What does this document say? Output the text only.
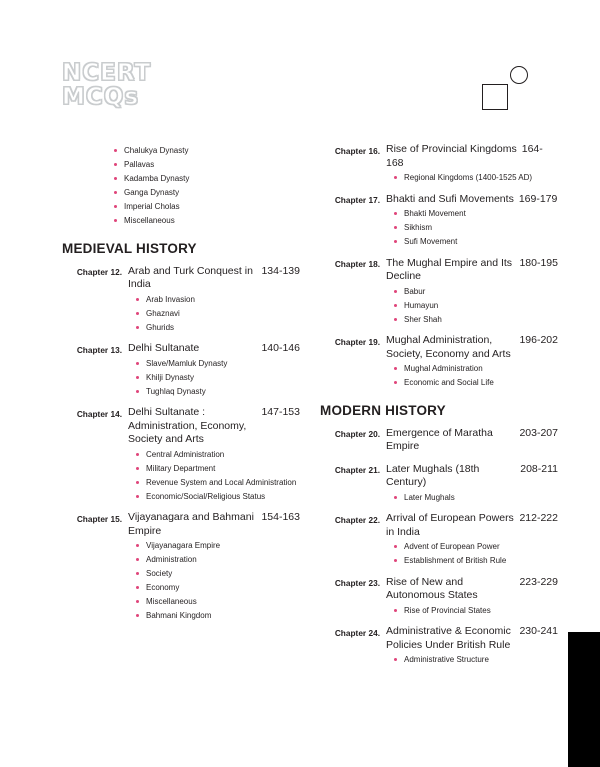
NCERT
MCQs
Chalukya Dynasty
Pallavas
Kadamba Dynasty
Ganga Dynasty
Imperial Cholas
Miscellaneous
MEDIEVAL HISTORY
Chapter 12. Arab and Turk Conquest in India
134-139
Arab Invasion
Ghaznavi
Ghurids
Chapter 13. Delhi Sultanate	140-146
Slave/Mamluk Dynasty
Khilji Dynasty
Tughlaq Dynasty
Chapter 14. Delhi Sultanate : Administration, Economy, Society and Arts
147-153
Central Administration
Military Department
Revenue System and Local Administration
Economic/Social/Religious Status
Chapter 15. Vijayanagara and Bahmani Empire
154-163
Vijayanagara Empire
Administration
Society
Economy
Miscellaneous
Bahmani Kingdom
Chapter 16. Rise of Provincial Kingdoms 164-168
Regional Kingdoms (1400-1525 AD)
Chapter 17. Bhakti and Sufi Movements 169-179
Bhakti Movement
Sikhism
Sufi Movement
Chapter 18. The Mughal Empire and Its Decline
180-195
Babur
Humayun
Sher Shah
Chapter 19. Mughal Administration, Society, Economy and Arts
196-202
Mughal Administration
Economic and Social Life
MODERN HISTORY
Chapter 20. Emergence of Maratha Empire
203-207
Chapter 21. Later Mughals (18th Century)
208-211
Later Mughals
Chapter 22. Arrival of European Powers in India
212-222
Advent of European Power
Establishment of British Rule
Chapter 23. Rise of New and Autonomous States
223-229
Rise of Provincial States
Chapter 24. Administrative & Economic Policies Under British Rule
230-241
Administrative Structure
